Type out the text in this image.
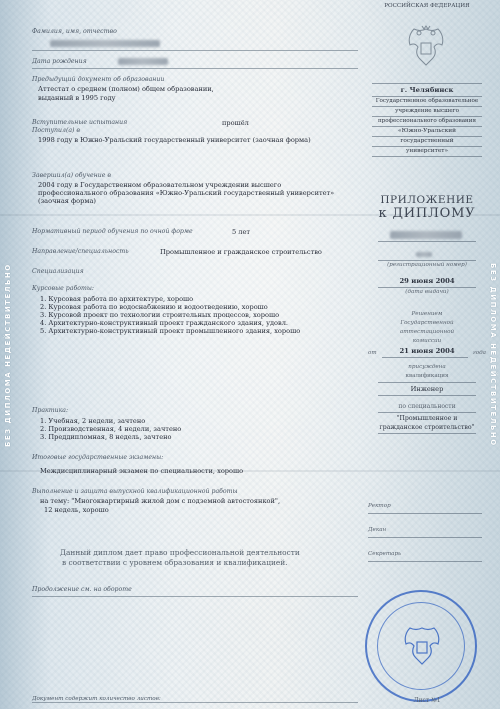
БЕЗ ДИПЛОМА НЕДЕЙСТВИТЕЛЬНО	БЕЗ ДИПЛОМА НЕДЕЙСТВИТЕЛЬНО
Фамилия, имя, отчество
Дата рождения
Предыдущий документ об образовании
Аттестат о среднем (полном) общем образовании,
выданный в 1995 году
Вступительные испытания	прошёл
Поступил(а) в
1998 году в Южно-Уральский государственный университет (заочная форма)
Завершил(а) обучение в
2004 году в Государственном образовательном учреждении высшего
профессионального образования «Южно-Уральский государственный университет»
(заочная форма)
Нормативный период обучения по очной форме	5 лет
Направление/специальность	Промышленное и гражданское строительство
Специализация
Курсовые работы:
1. Курсовая работа по архитектуре, хорошо
2. Курсовая работа по водоснабжению и водоотведению, хорошо
3. Курсовой проект по технологии строительных процессов, хорошо
4. Архитектурно-конструктивный проект гражданского здания, удовл.
5. Архитектурно-конструктивный проект промышленного здания, хорошо
Практика:
1. Учебная, 2 недели, зачтено
2. Производственная, 4 недели, зачтено
3. Преддипломная, 8 недель, зачтено
Итоговые государственные экзамены:
Междисциплинарный экзамен по специальности, хорошо
Выполнение и защита выпускной квалификационной работы
на тему: "Многоквартирный жилой дом с подземной автостоянкой",
12 недель, хорошо
Данный диплом дает право профессиональной деятельности
в соответствии с уровнем образования и квалификацией.
Продолжение см. на обороте
Документ содержит количество листов:
РОССИЙСКАЯ ФЕДЕРАЦИЯ
г. Челябинск
Государственное образовательное
учреждение высшего
профессионального образования
«Южно-Уральский
государственный
университет»
ПРИЛОЖЕНИЕ
к ДИПЛОМУ
(регистрационный номер)
29 июня 2004
(дата выдачи)
Решением
Государственной
аттестационной
комиссии
от	21 июня 2004	года
присуждена
квалификация
Инженер
по специальности
"Промышленное и
гражданское строительство"
Ректор
Декан
Секретарь
Лист №1
